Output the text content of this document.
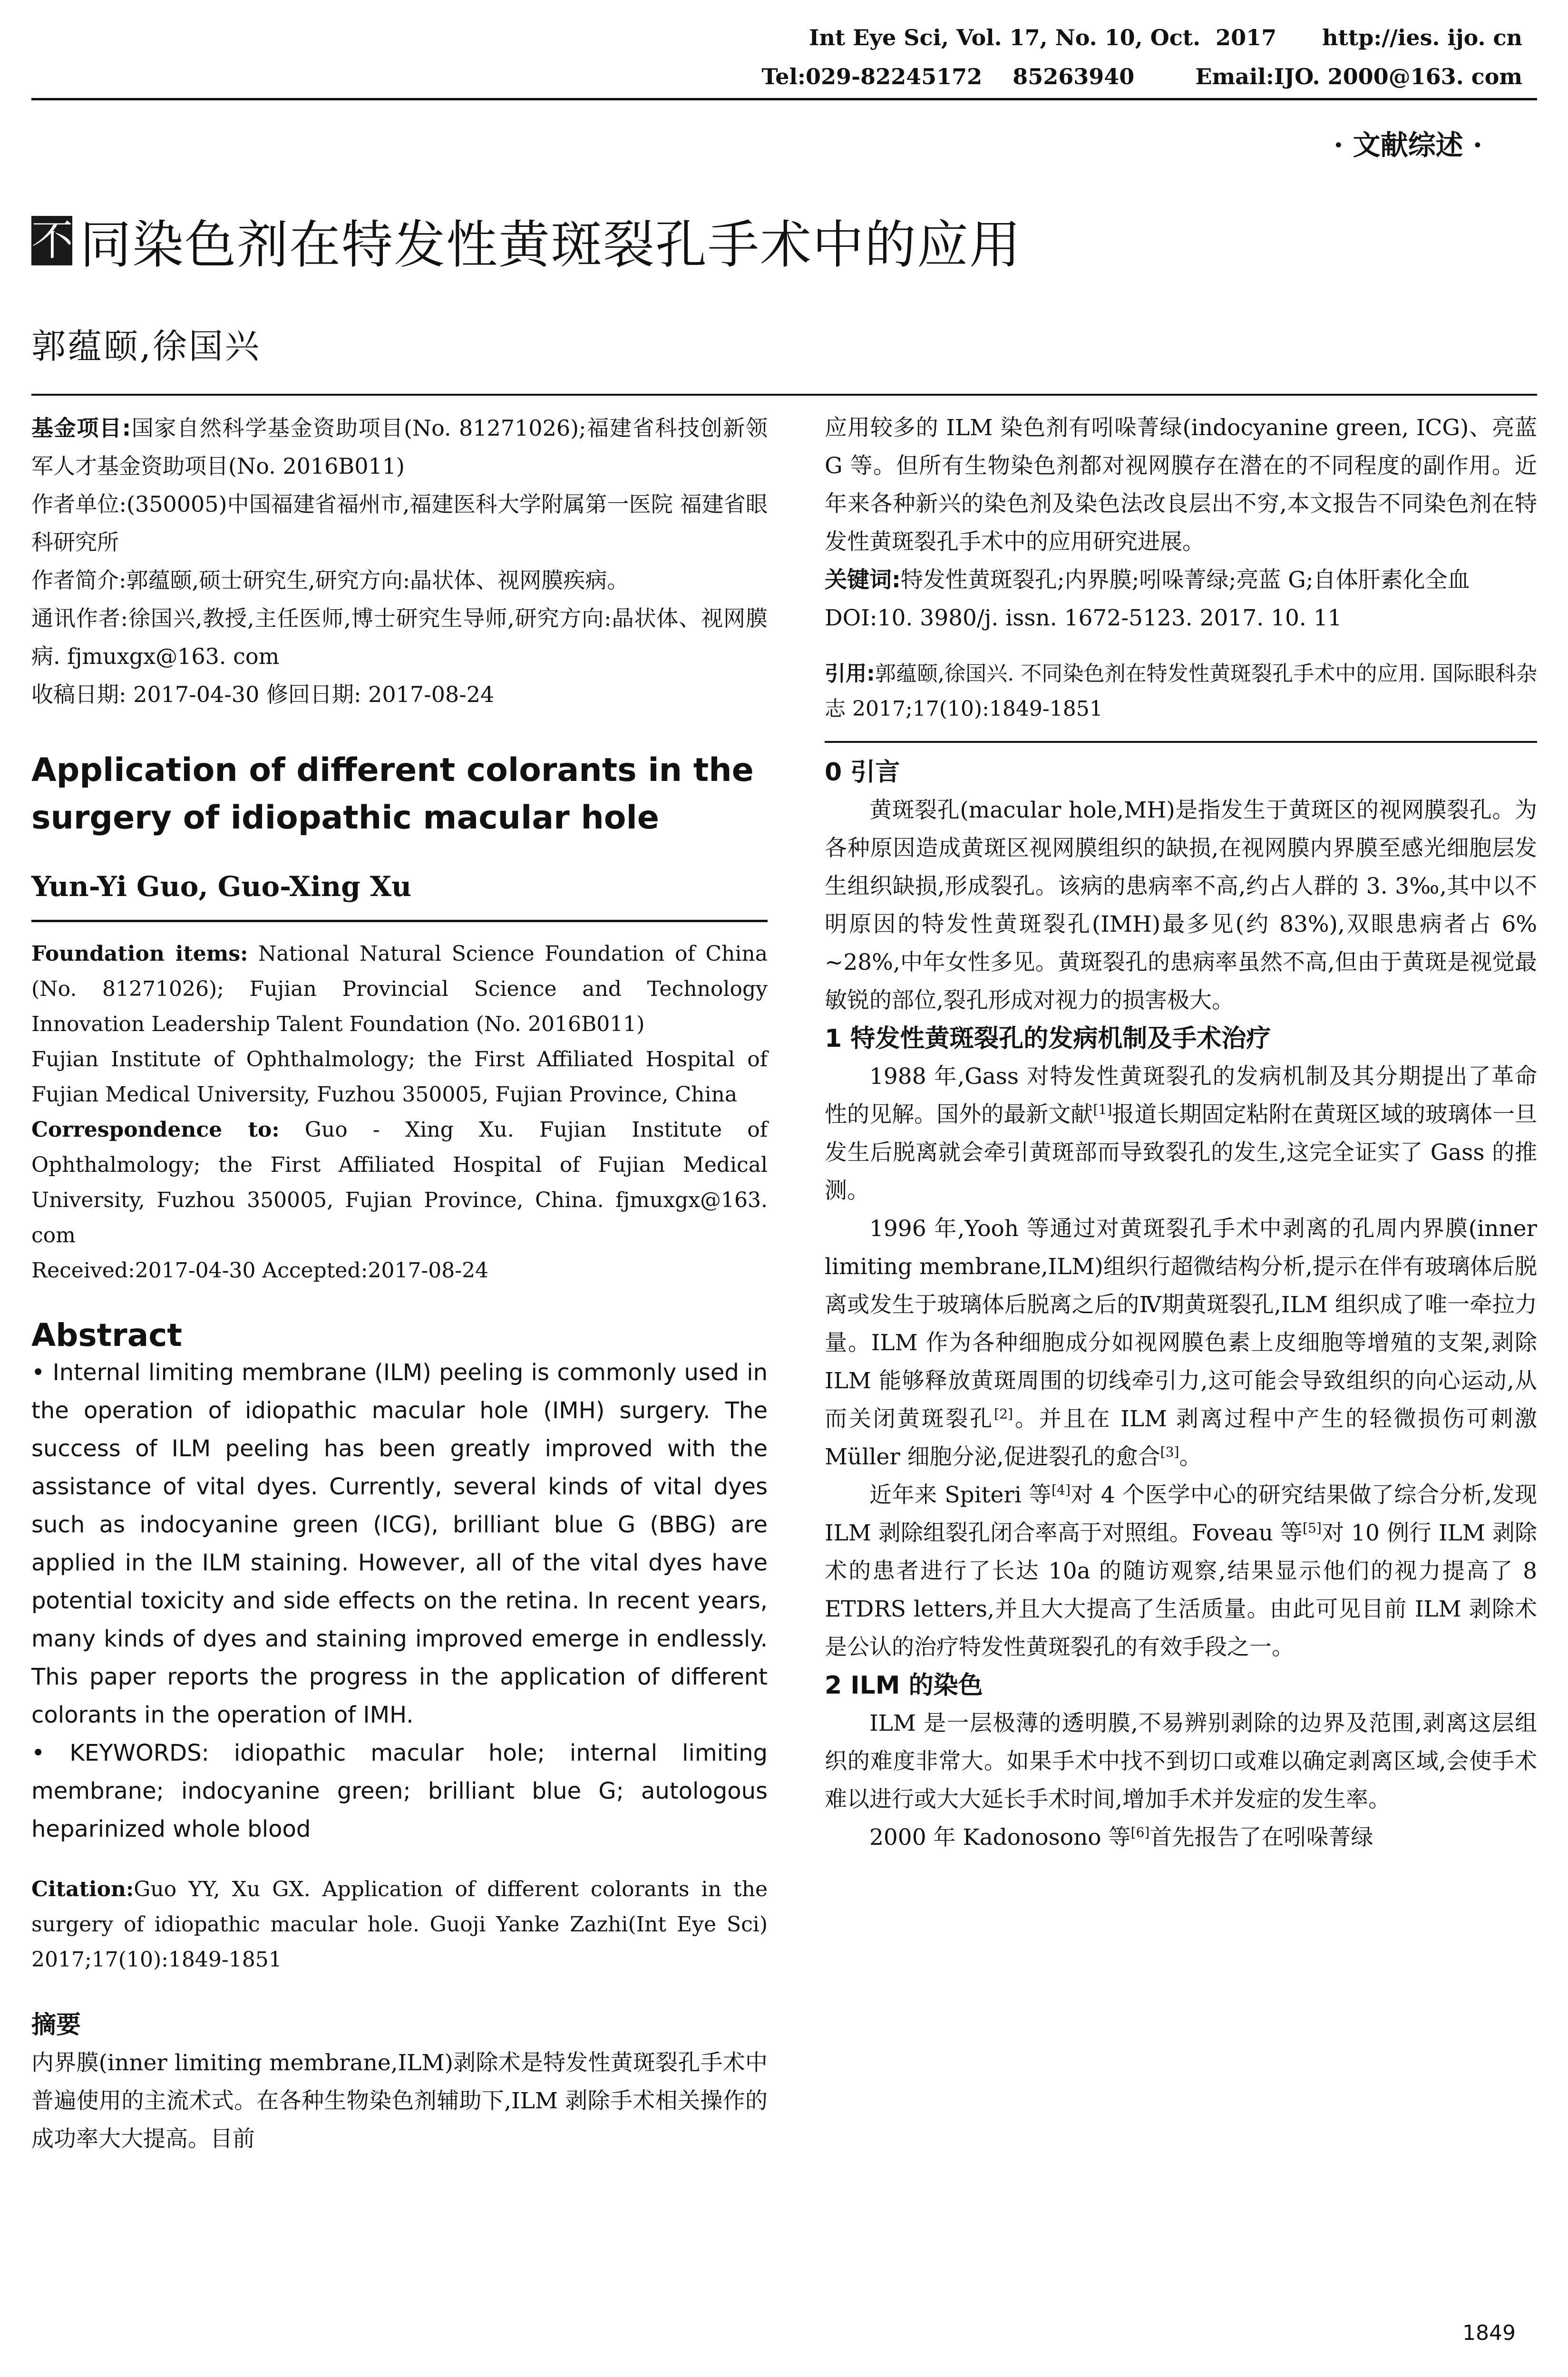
Int Eye Sci, Vol. 17, No. 10, Oct.  2017      http://ies. ijo. cn
Tel:029-82245172    85263940        Email:IJO. 2000@163. com
· 文献综述 ·
不 同染色剂在特发性黄斑裂孔手术中的应用
郭蕴颐,徐国兴

基金项目:国家自然科学基金资助项目(No. 81271026);福建省科技创新领军人才基金资助项目(No. 2016B011)

作者单位:(350005)中国福建省福州市,福建医科大学附属第一医院 福建省眼科研究所

作者简介:郭蕴颐,硕士研究生,研究方向:晶状体、视网膜疾病。

通讯作者:徐国兴,教授,主任医师,博士研究生导师,研究方向:晶状体、视网膜病. fjmuxgx@163. com

收稿日期: 2017-04-30 修回日期: 2017-08-24

Application of different colorants in the surgery of idiopathic macular hole

Yun-Yi Guo, Guo-Xing Xu

Foundation items: National Natural Science Foundation of China (No. 81271026); Fujian Provincial Science and Technology Innovation Leadership Talent Foundation (No. 2016B011)

Fujian Institute of Ophthalmology; the First Affiliated Hospital of Fujian Medical University, Fuzhou 350005, Fujian Province, China

Correspondence to: Guo - Xing Xu. Fujian Institute of Ophthalmology; the First Affiliated Hospital of Fujian Medical University, Fuzhou 350005, Fujian Province, China. fjmuxgx@163. com

Received:2017-04-30 Accepted:2017-08-24

Abstract

• Internal limiting membrane (ILM) peeling is commonly used in the operation of idiopathic macular hole (IMH) surgery. The success of ILM peeling has been greatly improved with the assistance of vital dyes. Currently, several kinds of vital dyes such as indocyanine green (ICG), brilliant blue G (BBG) are applied in the ILM staining. However, all of the vital dyes have potential toxicity and side effects on the retina. In recent years, many kinds of dyes and staining improved emerge in endlessly. This paper reports the progress in the application of different colorants in the operation of IMH.

• KEYWORDS: idiopathic macular hole; internal limiting membrane; indocyanine green; brilliant blue G; autologous heparinized whole blood

Citation:Guo YY, Xu GX. Application of different colorants in the surgery of idiopathic macular hole. Guoji Yanke Zazhi(Int Eye Sci) 2017;17(10):1849-1851

摘要

内界膜(inner limiting membrane,ILM)剥除术是特发性黄斑裂孔手术中普遍使用的主流术式。在各种生物染色剂辅助下,ILM 剥除手术相关操作的成功率大大提高。目前

应用较多的 ILM 染色剂有吲哚菁绿(indocyanine green, ICG)、亮蓝 G 等。但所有生物染色剂都对视网膜存在潜在的不同程度的副作用。近年来各种新兴的染色剂及染色法改良层出不穷,本文报告不同染色剂在特发性黄斑裂孔手术中的应用研究进展。

关键词:特发性黄斑裂孔;内界膜;吲哚菁绿;亮蓝 G;自体肝素化全血

DOI:10. 3980/j. issn. 1672-5123. 2017. 10. 11

引用:郭蕴颐,徐国兴. 不同染色剂在特发性黄斑裂孔手术中的应用. 国际眼科杂志 2017;17(10):1849-1851

0 引言

黄斑裂孔(macular hole,MH)是指发生于黄斑区的视网膜裂孔。为各种原因造成黄斑区视网膜组织的缺损,在视网膜内界膜至感光细胞层发生组织缺损,形成裂孔。该病的患病率不高,约占人群的 3. 3‰,其中以不明原因的特发性黄斑裂孔(IMH)最多见(约 83%),双眼患病者占 6% ~28%,中年女性多见。黄斑裂孔的患病率虽然不高,但由于黄斑是视觉最敏锐的部位,裂孔形成对视力的损害极大。

1 特发性黄斑裂孔的发病机制及手术治疗

1988 年,Gass 对特发性黄斑裂孔的发病机制及其分期提出了革命性的见解。国外的最新文献[1]报道长期固定粘附在黄斑区域的玻璃体一旦发生后脱离就会牵引黄斑部而导致裂孔的发生,这完全证实了 Gass 的推测。

1996 年,Yooh 等通过对黄斑裂孔手术中剥离的孔周内界膜(inner limiting membrane,ILM)组织行超微结构分析,提示在伴有玻璃体后脱离或发生于玻璃体后脱离之后的Ⅳ期黄斑裂孔,ILM 组织成了唯一牵拉力量。ILM 作为各种细胞成分如视网膜色素上皮细胞等增殖的支架,剥除 ILM 能够释放黄斑周围的切线牵引力,这可能会导致组织的向心运动,从而关闭黄斑裂孔[2]。并且在 ILM 剥离过程中产生的轻微损伤可刺激 Müller 细胞分泌,促进裂孔的愈合[3]。

近年来 Spiteri 等[4]对 4 个医学中心的研究结果做了综合分析,发现 ILM 剥除组裂孔闭合率高于对照组。Foveau 等[5]对 10 例行 ILM 剥除术的患者进行了长达 10a 的随访观察,结果显示他们的视力提高了 8 ETDRS letters,并且大大提高了生活质量。由此可见目前 ILM 剥除术是公认的治疗特发性黄斑裂孔的有效手段之一。

2 ILM 的染色

ILM 是一层极薄的透明膜,不易辨别剥除的边界及范围,剥离这层组织的难度非常大。如果手术中找不到切口或难以确定剥离区域,会使手术难以进行或大大延长手术时间,增加手术并发症的发生率。

2000 年 Kadonosono 等[6]首先报告了在吲哚菁绿

1849
